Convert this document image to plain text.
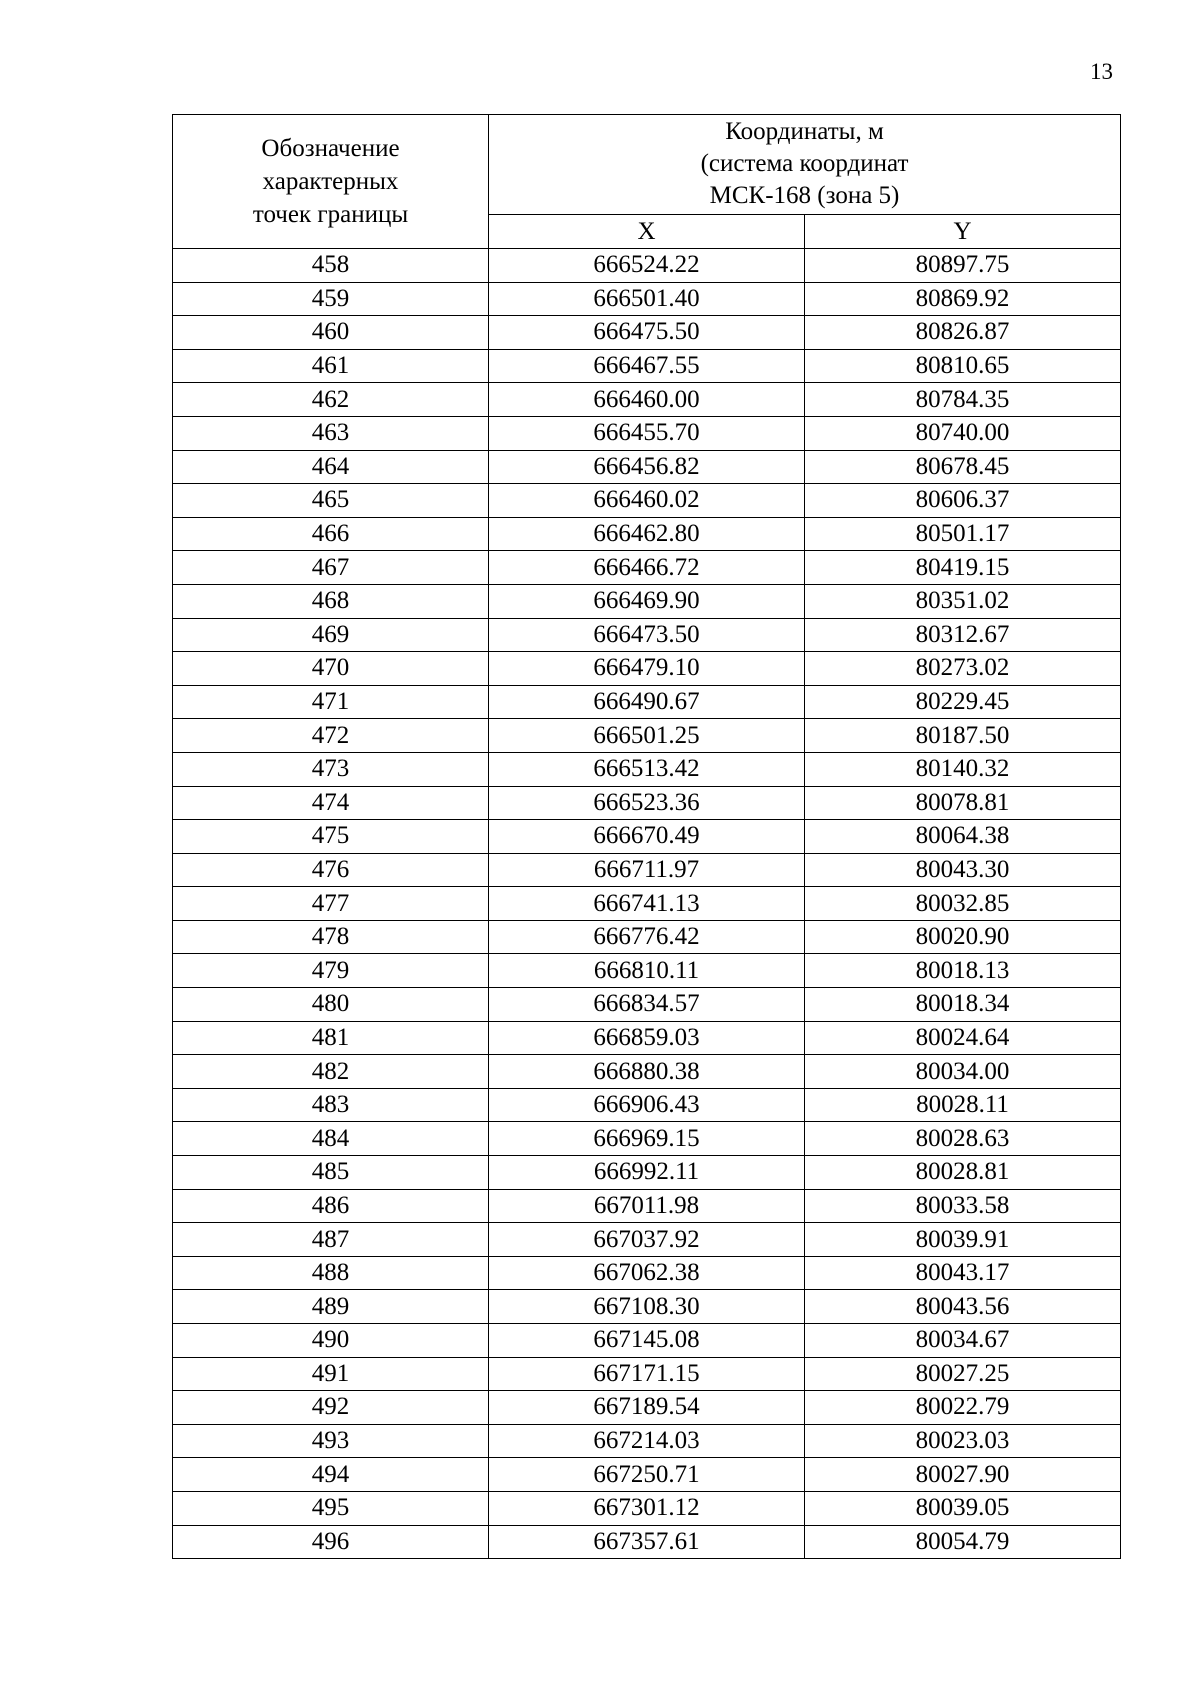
13
Обозначение
характерных
точек границы	Координаты, м
(система координат
МСК-168 (зона 5)	

	X	Y
458	666524.22	80897.75
459	666501.40	80869.92
460	666475.50	80826.87
461	666467.55	80810.65
462	666460.00	80784.35
463	666455.70	80740.00
464	666456.82	80678.45
465	666460.02	80606.37
466	666462.80	80501.17
467	666466.72	80419.15
468	666469.90	80351.02
469	666473.50	80312.67
470	666479.10	80273.02
471	666490.67	80229.45
472	666501.25	80187.50
473	666513.42	80140.32
474	666523.36	80078.81
475	666670.49	80064.38
476	666711.97	80043.30
477	666741.13	80032.85
478	666776.42	80020.90
479	666810.11	80018.13
480	666834.57	80018.34
481	666859.03	80024.64
482	666880.38	80034.00
483	666906.43	80028.11
484	666969.15	80028.63
485	666992.11	80028.81
486	667011.98	80033.58
487	667037.92	80039.91
488	667062.38	80043.17
489	667108.30	80043.56
490	667145.08	80034.67
491	667171.15	80027.25
492	667189.54	80022.79
493	667214.03	80023.03
494	667250.71	80027.90
495	667301.12	80039.05
496	667357.61	80054.79
